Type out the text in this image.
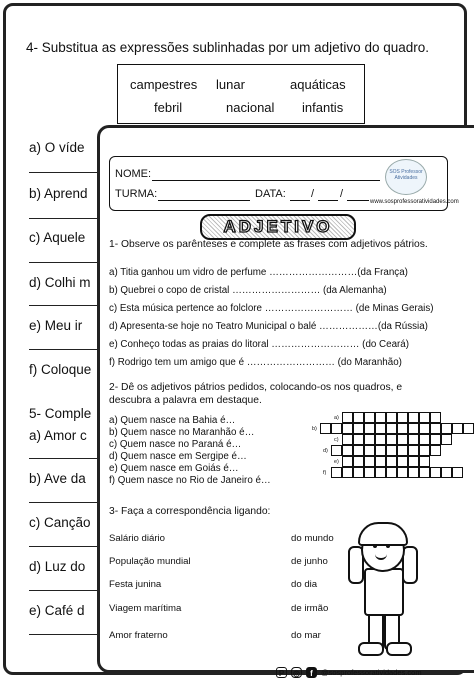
4- Substitua as expressões sublinhadas por um adjetivo do quadro.
campestres lunar	aquáticas
febril	nacional infantis
a) O víde
b) Aprend
c) Aquele
d) Colhi m
e) Meu ir
f) Coloque
5- Comple
a) Amor c
b) Ave da
c) Canção
d) Luz do
e) Café d
NOME:
TURMA:	DATA: / /
SOS Professor Atividades
www.sosprofessoratividades.com
ADJETIVO
1- Observe os parênteses e complete as frases com adjetivos pátrios.
a) Titia ganhou um vidro de perfume ………………………(da França)
b) Quebrei o copo de cristal ……………………… (da Alemanha)
c) Esta música pertence ao folclore ……………………… (de Minas Gerais)
d) Apresenta-se hoje no Teatro Municipal o balé ………………(da Rússia)
e) Conheço todas as praias do litoral ……………………… (do Ceará)
f) Rodrigo tem um amigo que é ……………………… (do Maranhão)
2- Dê os adjetivos pátrios pedidos, colocando-os nos quadros, e
descubra a palavra em destaque.
a) Quem nasce na Bahia é…
b) Quem nasce no Maranhão é…
c) Quem nasce no Paraná é…
d) Quem nasce em Sergipe é…
e) Quem nasce em Goiás é…
f) Quem nasce no Rio de Janeiro é…
a)
b)
c)
d)
e)
f)
3- Faça a correspondência ligando:
Salário diário	do mundo
População mundial	de junho
Festa junina	do dia
Viagem marítima	de irmão
Amor fraterno	do mar
P	◎	f	@sosprofessoratividades.com
